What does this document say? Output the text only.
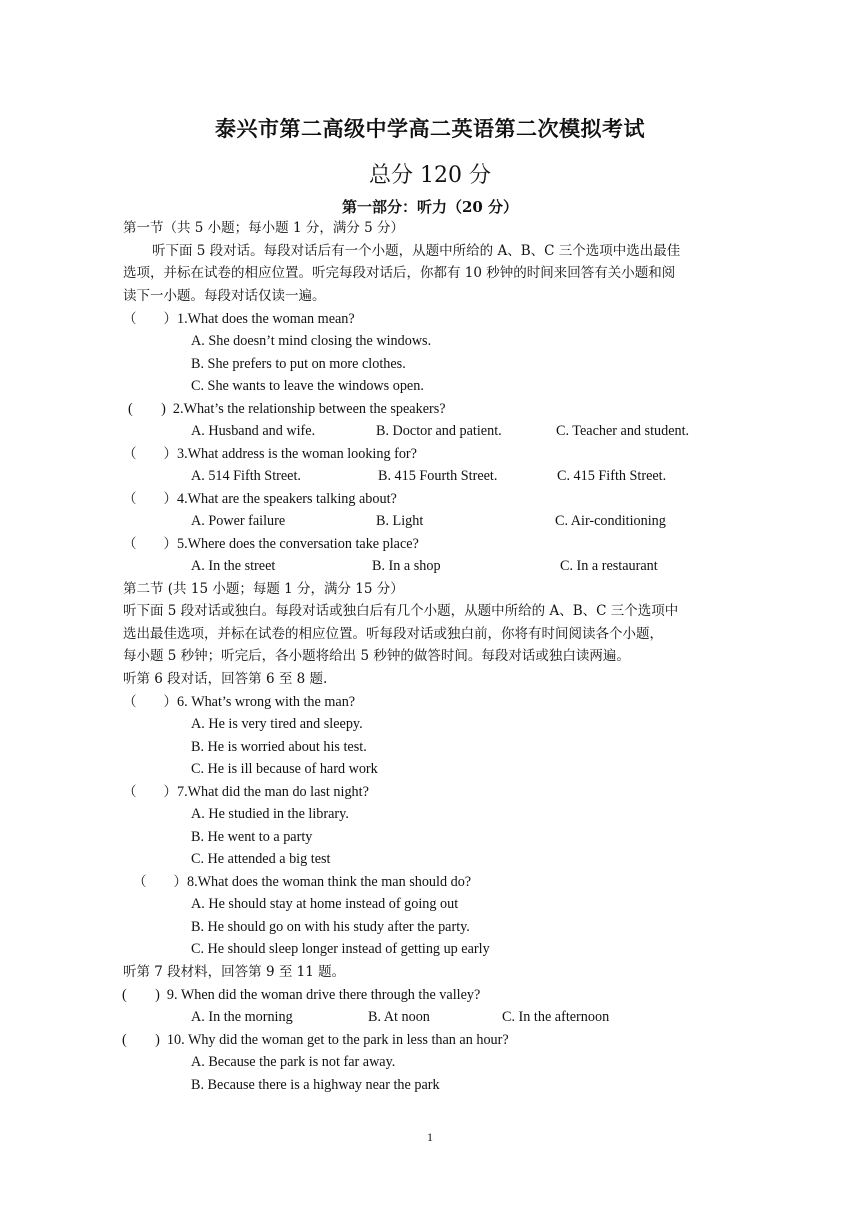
泰兴市第二高级中学高二英语第二次模拟考试
总分 120 分
第一部分：听力（20 分）
第一节（共 5 小题；每小题 1 分，满分 5 分）
听下面 5 段对话。每段对话后有一个小题，从题中所给的 A、B、C 三个选项中选出最佳
选项，并标在试卷的相应位置。听完每段对话后，你都有 10 秒钟的时间来回答有关小题和阅
读下一小题。每段对话仅读一遍。
（　　）1.What does the woman mean?
A. She doesn’t mind closing the windows.
B. She prefers to put on more clothes.
C. She wants to leave the windows open.
(　　) 2.What’s the relationship between the speakers?
A. Husband and wife.	B. Doctor and patient.	C. Teacher and student.
（　　）3.What address is the woman looking for?
A. 514 Fifth Street.	B. 415 Fourth Street.	C. 415 Fifth Street.
（　　）4.What are the speakers talking about?
A. Power failure	B. Light	C. Air-conditioning
（　　）5.Where does the conversation take place?
A. In the street	B. In a shop	C. In a restaurant
第二节 (共 15 小题；每题 1 分，满分 15 分）
听下面 5 段对话或独白。每段对话或独白后有几个小题，从题中所给的 A、B、C 三个选项中
选出最佳选项，并标在试卷的相应位置。听每段对话或独白前，你将有时间阅读各个小题，
每小题 5 秒钟；听完后，各小题将给出 5 秒钟的做答时间。每段对话或独白读两遍。
听第 6 段对话，回答第 6 至 8 题.
（　　）6. What’s wrong with the man?
A. He is very tired and sleepy.
B. He is worried about his test.
C. He is ill because of hard work
（　　）7.What did the man do last night?
A. He studied in the library.
B. He went to a party
C. He attended a big test
（　　）8.What does the woman think the man should do?
A. He should stay at home instead of going out
B. He should go on with his study after the party.
C. He should sleep longer instead of getting up early
听第 7 段材料，回答第 9 至 11 题。
(　　) 9. When did the woman drive there through the valley?
A. In the morning	B. At noon	C. In the afternoon
(　　) 10. Why did the woman get to the park in less than an hour?
A. Because the park is not far away.
B. Because there is a highway near the park
1
